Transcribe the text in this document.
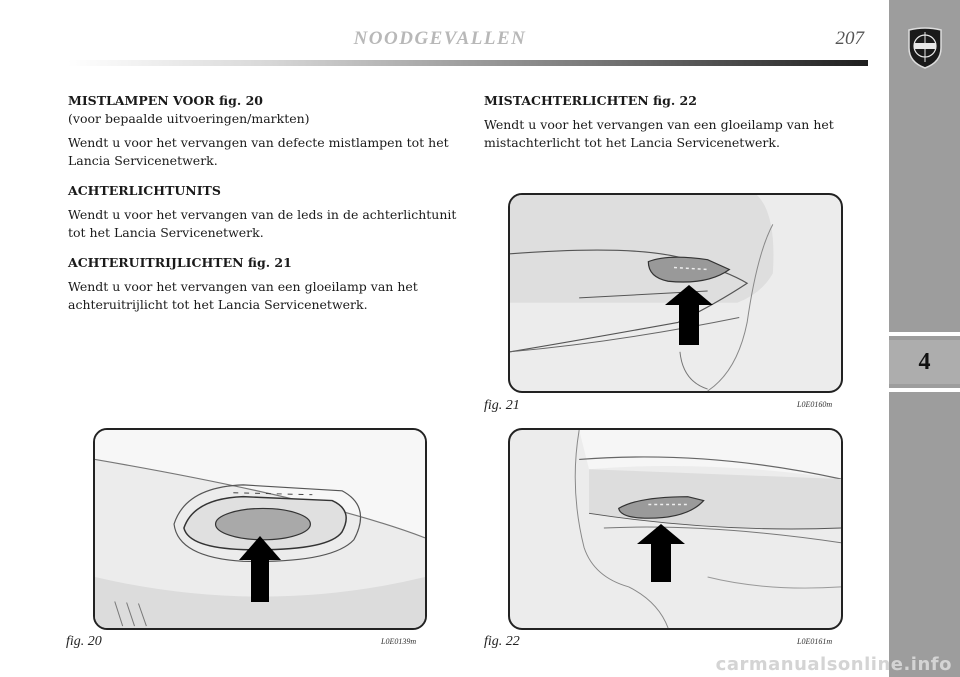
NOODGEVALLEN	207
4

MISTLAMPEN VOOR fig. 20

(voor bepaalde uitvoeringen/markten)

Wendt u voor het vervangen van defecte mistlampen tot het Lancia Servicenetwerk.

ACHTERLICHTUNITS

Wendt u voor het vervangen van de leds in de achterlichtunit tot het Lancia Servicenetwerk.

ACHTERUITRIJLICHTEN fig. 21

Wendt u voor het vervangen van een gloeilamp van het achteruitrijlicht tot het Lancia Servicenetwerk.

MISTACHTERLICHTEN fig. 22

Wendt u voor het vervangen van een gloeilamp van het mistachterlicht tot het Lancia Servicenetwerk.

fig. 20	L0E0139m
fig. 21	L0E0160m
fig. 22	L0E0161m
carmanualsonline.info
